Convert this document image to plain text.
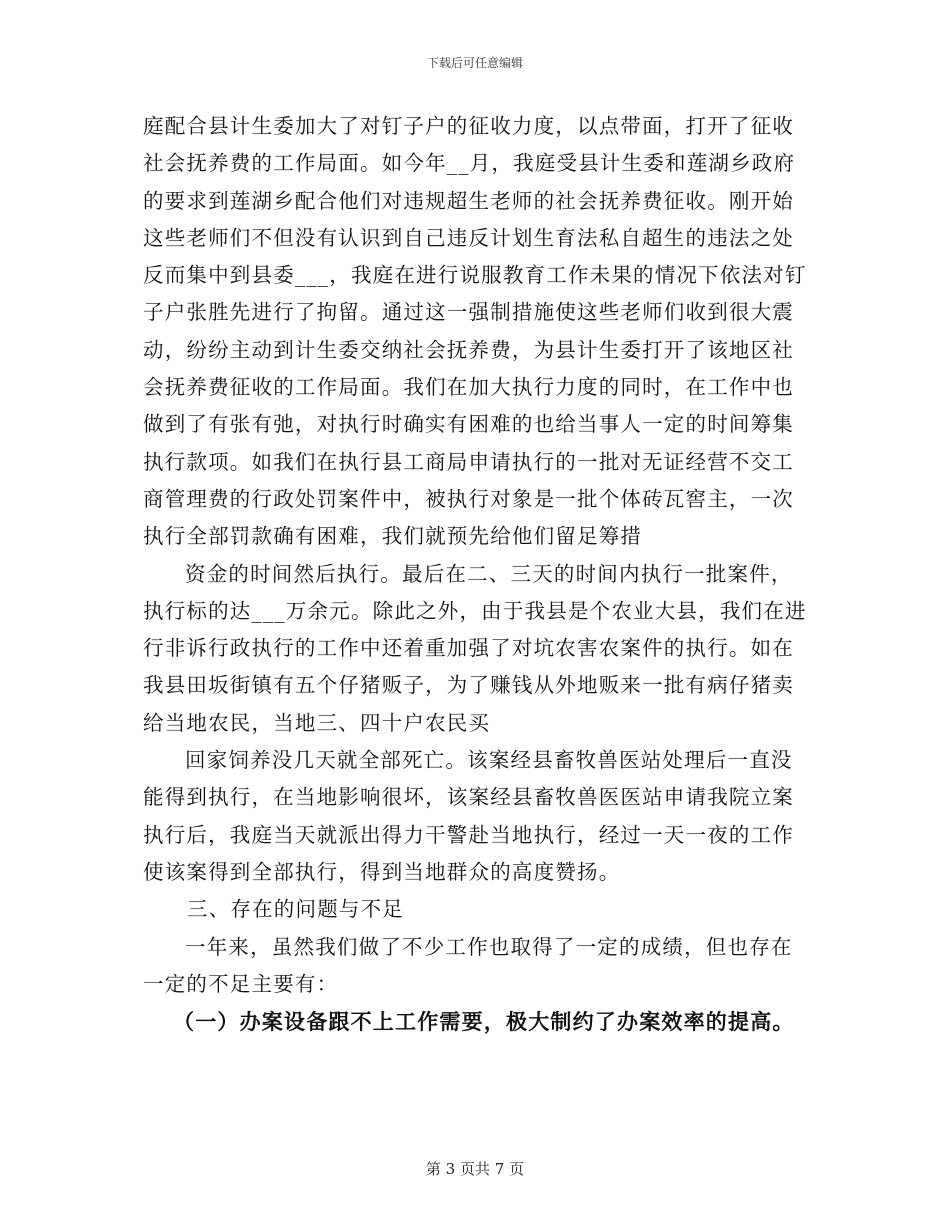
下载后可任意编辑
庭配合县计生委加大了对钉子户的征收力度，以点带面，打开了征收
社会抚养费的工作局面。如今年__月，我庭受县计生委和莲湖乡政府
的要求到莲湖乡配合他们对违规超生老师的社会抚养费征收。刚开始
这些老师们不但没有认识到自己违反计划生育法私自超生的违法之处
反而集中到县委___，我庭在进行说服教育工作未果的情况下依法对钉
子户张胜先进行了拘留。通过这一强制措施使这些老师们收到很大震
动，纷纷主动到计生委交纳社会抚养费，为县计生委打开了该地区社
会抚养费征收的工作局面。我们在加大执行力度的同时，在工作中也
做到了有张有弛，对执行时确实有困难的也给当事人一定的时间筹集
执行款项。如我们在执行县工商局申请执行的一批对无证经营不交工
商管理费的行政处罚案件中，被执行对象是一批个体砖瓦窖主，一次
执行全部罚款确有困难，我们就预先给他们留足筹措
资金的时间然后执行。最后在二、三天的时间内执行一批案件，
执行标的达___万余元。除此之外，由于我县是个农业大县，我们在进
行非诉行政执行的工作中还着重加强了对坑农害农案件的执行。如在
我县田坂街镇有五个仔猪贩子，为了赚钱从外地贩来一批有病仔猪卖
给当地农民，当地三、四十户农民买
回家饲养没几天就全部死亡。该案经县畜牧兽医站处理后一直没
能得到执行，在当地影响很坏，该案经县畜牧兽医医站申请我院立案
执行后，我庭当天就派出得力干警赴当地执行，经过一天一夜的工作
使该案得到全部执行，得到当地群众的高度赞扬。
三、存在的问题与不足
一年来，虽然我们做了不少工作也取得了一定的成绩，但也存在
一定的不足主要有：
（一）办案设备跟不上工作需要，极大制约了办案效率的提高。
第 3 页共 7 页
